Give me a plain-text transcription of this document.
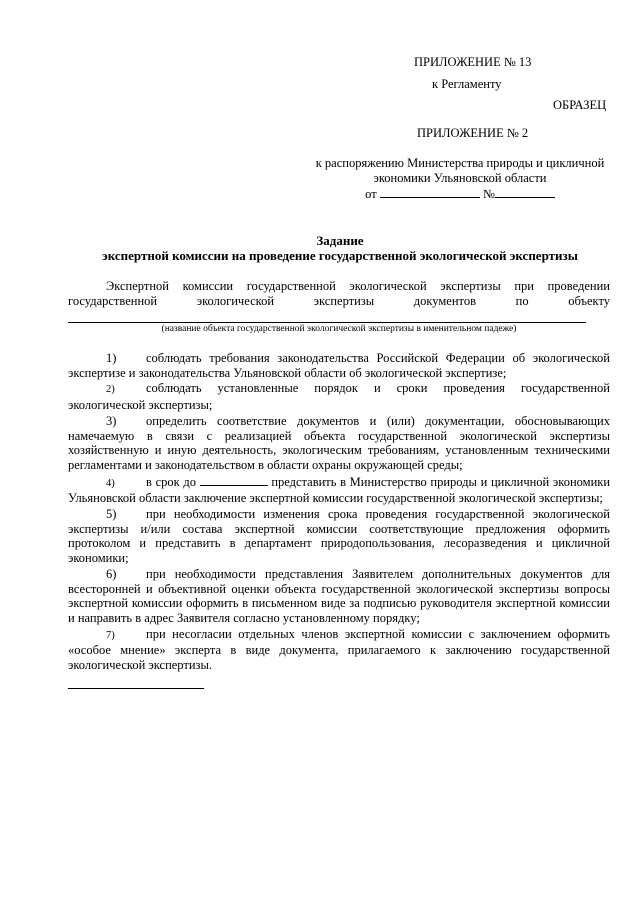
ПРИЛОЖЕНИЕ № 13
к Регламенту
ОБРАЗЕЦ
ПРИЛОЖЕНИЕ № 2
к распоряжению Министерства природы и цикличной
экономики Ульяновской области
от	№
Задание
экспертной комиссии на проведение государственной экологической экспертизы
Экспертной комиссии государственной экологической экспертизы при проведении
государственной экологической экспертизы документов по объекту
(название объекта государственной экологической экспертизы в именительном падеже)
1) соблюдать требования законодательства Российской Федерации об экологической экспертизе и законодательства Ульяновской области об экологической экспертизе;
2)	соблюдать установленные порядок и сроки проведения государственной экологической экспертизы;
3) определить соответствие документов и (или) документации, обосновывающих намечаемую в связи с реализацией объекта государственной экологической экспертизы хозяйственную и иную деятельность, экологическим требованиям, установленным техническими регламентами и законодательством в области охраны окружающей среды;
4)	в срок до	представить в Министерство природы и цикличной экономики Ульяновской области заключение экспертной комиссии государственной экологической экспертизы;
5) при необходимости изменения срока проведения государственной экологической экспертизы и/или состава экспертной комиссии соответствующие предложения оформить протоколом и представить в департамент природопользования, лесоразведения и цикличной экономики;
6) при необходимости представления Заявителем дополнительных документов для всесторонней и объективной оценки объекта государственной экологической экспертизы вопросы экспертной комиссии оформить в письменном виде за подписью руководителя экспертной комиссии и направить в адрес Заявителя согласно установленному порядку;
7)	при несогласии отдельных членов экспертной комиссии с заключением оформить «особое мнение» эксперта в виде документа, прилагаемого к заключению государственной экологической экспертизы.
